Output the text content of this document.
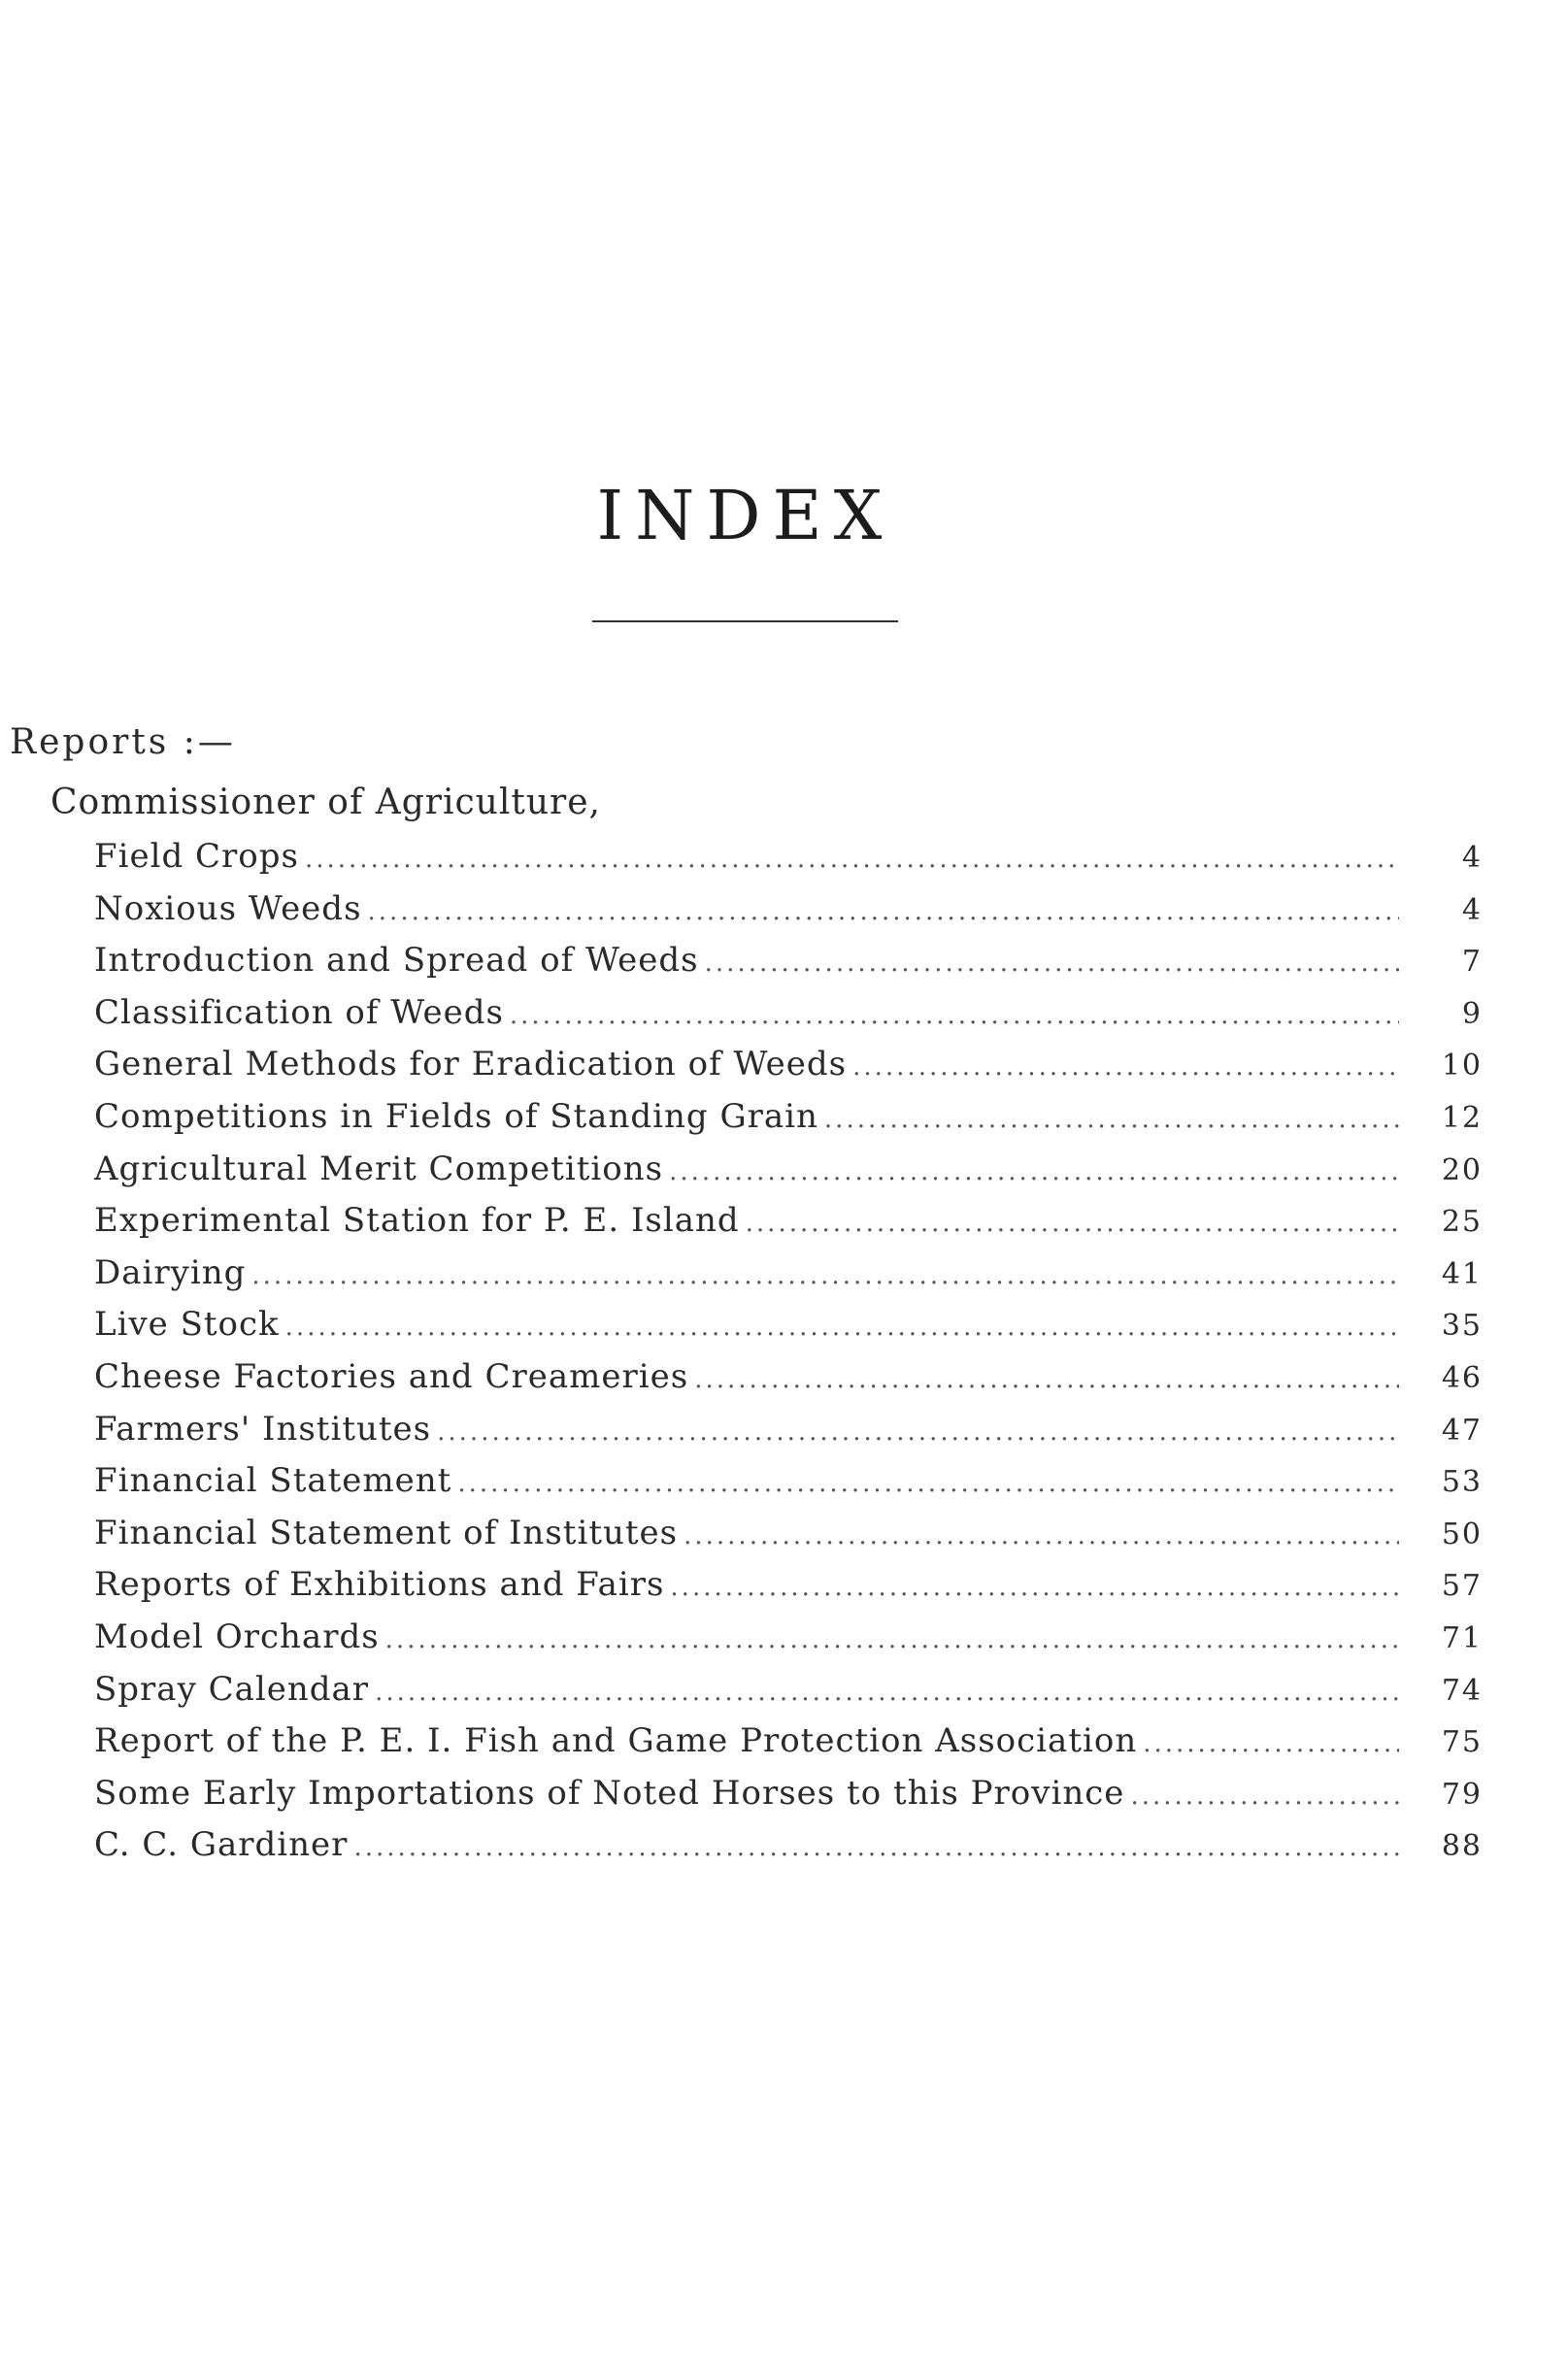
INDEX
Reports :—
Commissioner of Agriculture,
Field Crops .....	4
Noxious Weeds .....	4
Introduction and Spread of Weeds .....	7
Classification of Weeds .....	9
General Methods for Eradication of Weeds .....	10
Competitions in Fields of Standing Grain .....	12
Agricultural Merit Competitions .....	20
Experimental Station for P. E. Island .....	25
Dairying .....	41
Live Stock .....	35
Cheese Factories and Creameries .....	46
Farmers' Institutes .....	47
Financial Statement .....	53
Financial Statement of Institutes .....	50
Reports of Exhibitions and Fairs .....	57
Model Orchards .....	71
Spray Calendar .....	74
Report of the P. E. I. Fish and Game Protection Association .....	75
Some Early Importations of Noted Horses to this Province .....	79
C. C. Gardiner .....	88
